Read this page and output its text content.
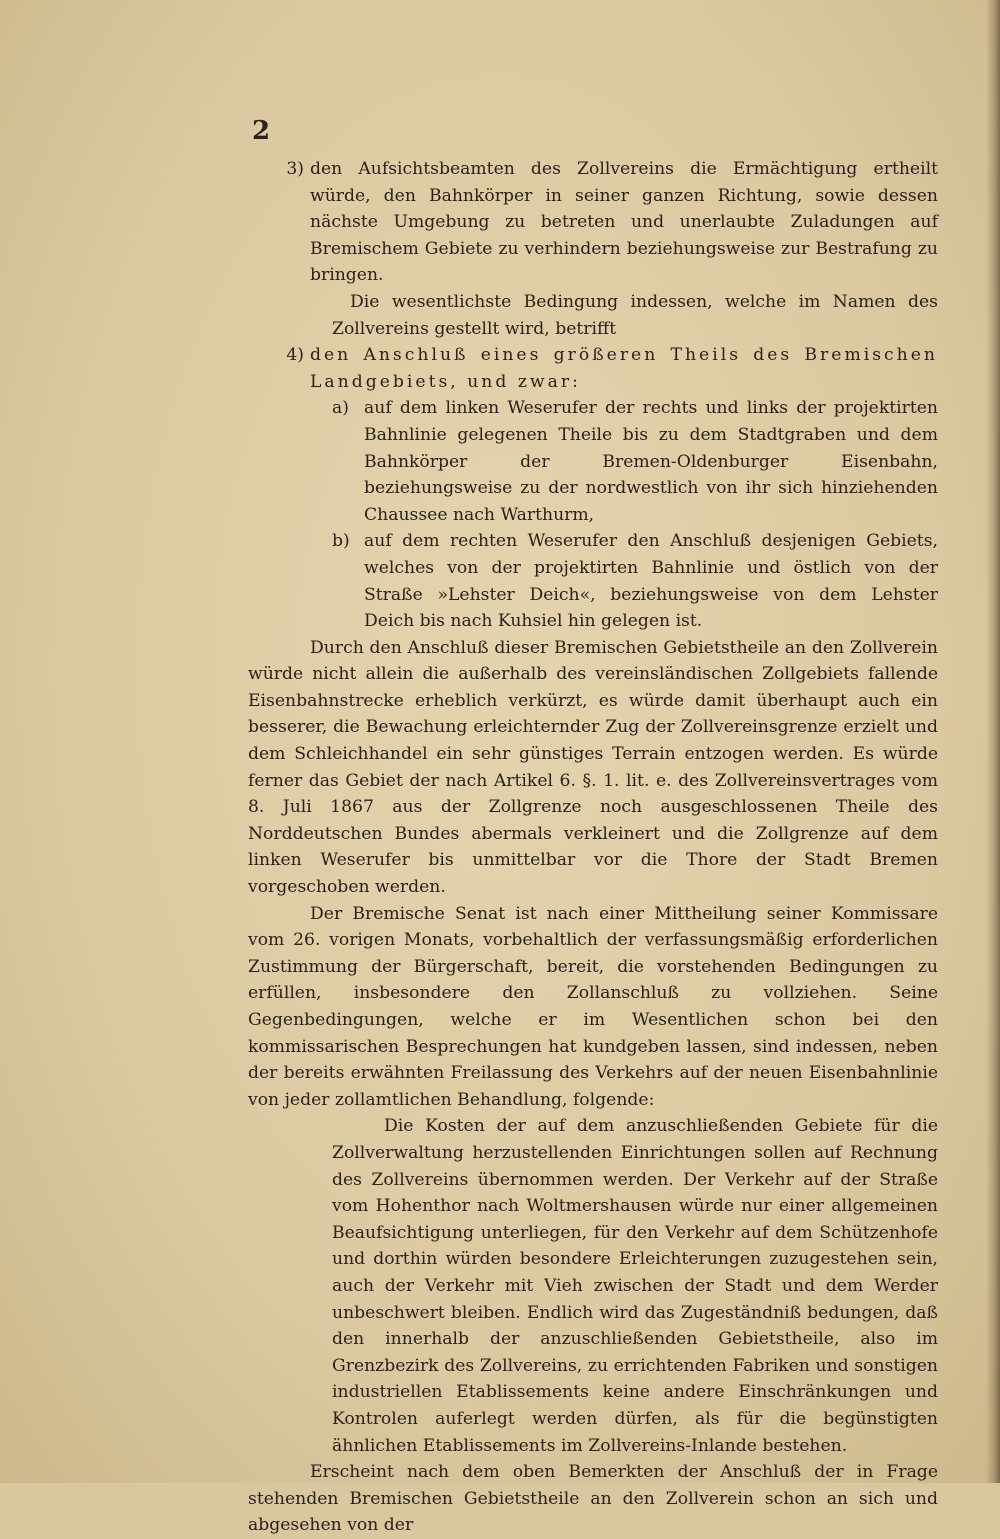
2
3) den Aufsichtsbeamten des Zollvereins die Ermächtigung ertheilt würde, den Bahnkörper in seiner ganzen Richtung, sowie dessen nächste Umgebung zu betreten und unerlaubte Zuladungen auf Bremischem Gebiete zu verhindern beziehungsweise zur Bestrafung zu bringen.

Die wesentlichste Bedingung indessen, welche im Namen des Zollvereins gestellt wird, betrifft

4) den Anschluß eines größeren Theils des Bremischen Landgebiets, und zwar:
a) auf dem linken Weserufer der rechts und links der projektirten Bahnlinie gelegenen Theile bis zu dem Stadtgraben und dem Bahnkörper der Bremen-Oldenburger Eisenbahn, beziehungsweise zu der nordwestlich von ihr sich hinziehenden Chaussee nach Warthurm,
b) auf dem rechten Weserufer den Anschluß desjenigen Gebiets, welches von der projektirten Bahnlinie und östlich von der Straße »Lehster Deich«, beziehungsweise von dem Lehster Deich bis nach Kuhsiel hin gelegen ist.

Durch den Anschluß dieser Bremischen Gebietstheile an den Zollverein würde nicht allein die außerhalb des vereinsländischen Zollgebiets fallende Eisenbahnstrecke erheblich verkürzt, es würde damit überhaupt auch ein besserer, die Bewachung erleichternder Zug der Zollvereinsgrenze erzielt und dem Schleichhandel ein sehr günstiges Terrain entzogen werden. Es würde ferner das Gebiet der nach Artikel 6. §. 1. lit. e. des Zollvereinsvertrages vom 8. Juli 1867 aus der Zollgrenze noch ausgeschlossenen Theile des Norddeutschen Bundes abermals verkleinert und die Zollgrenze auf dem linken Weserufer bis unmittelbar vor die Thore der Stadt Bremen vorgeschoben werden.

Der Bremische Senat ist nach einer Mittheilung seiner Kommissare vom 26. vorigen Monats, vorbehaltlich der verfassungsmäßig erforderlichen Zustimmung der Bürgerschaft, bereit, die vorstehenden Bedingungen zu erfüllen, insbesondere den Zollanschluß zu vollziehen. Seine Gegenbedingungen, welche er im Wesentlichen schon bei den kommissarischen Besprechungen hat kundgeben lassen, sind indessen, neben der bereits erwähnten Freilassung des Verkehrs auf der neuen Eisenbahnlinie von jeder zollamtlichen Behandlung, folgende:

Die Kosten der auf dem anzuschließenden Gebiete für die Zollverwaltung herzustellenden Einrichtungen sollen auf Rechnung des Zollvereins übernommen werden. Der Verkehr auf der Straße vom Hohenthor nach Woltmershausen würde nur einer allgemeinen Beaufsichtigung unterliegen, für den Verkehr auf dem Schützenhofe und dorthin würden besondere Erleichterungen zuzugestehen sein, auch der Verkehr mit Vieh zwischen der Stadt und dem Werder unbeschwert bleiben. Endlich wird das Zugeständniß bedungen, daß den innerhalb der anzuschließenden Gebietstheile, also im Grenzbezirk des Zollvereins, zu errichtenden Fabriken und sonstigen industriellen Etablissements keine andere Einschränkungen und Kontrolen auferlegt werden dürfen, als für die begünstigten ähnlichen Etablissements im Zollvereins-Inlande bestehen.

Erscheint nach dem oben Bemerkten der Anschluß der in Frage stehenden Bremischen Gebietstheile an den Zollverein schon an sich und abgesehen von der
